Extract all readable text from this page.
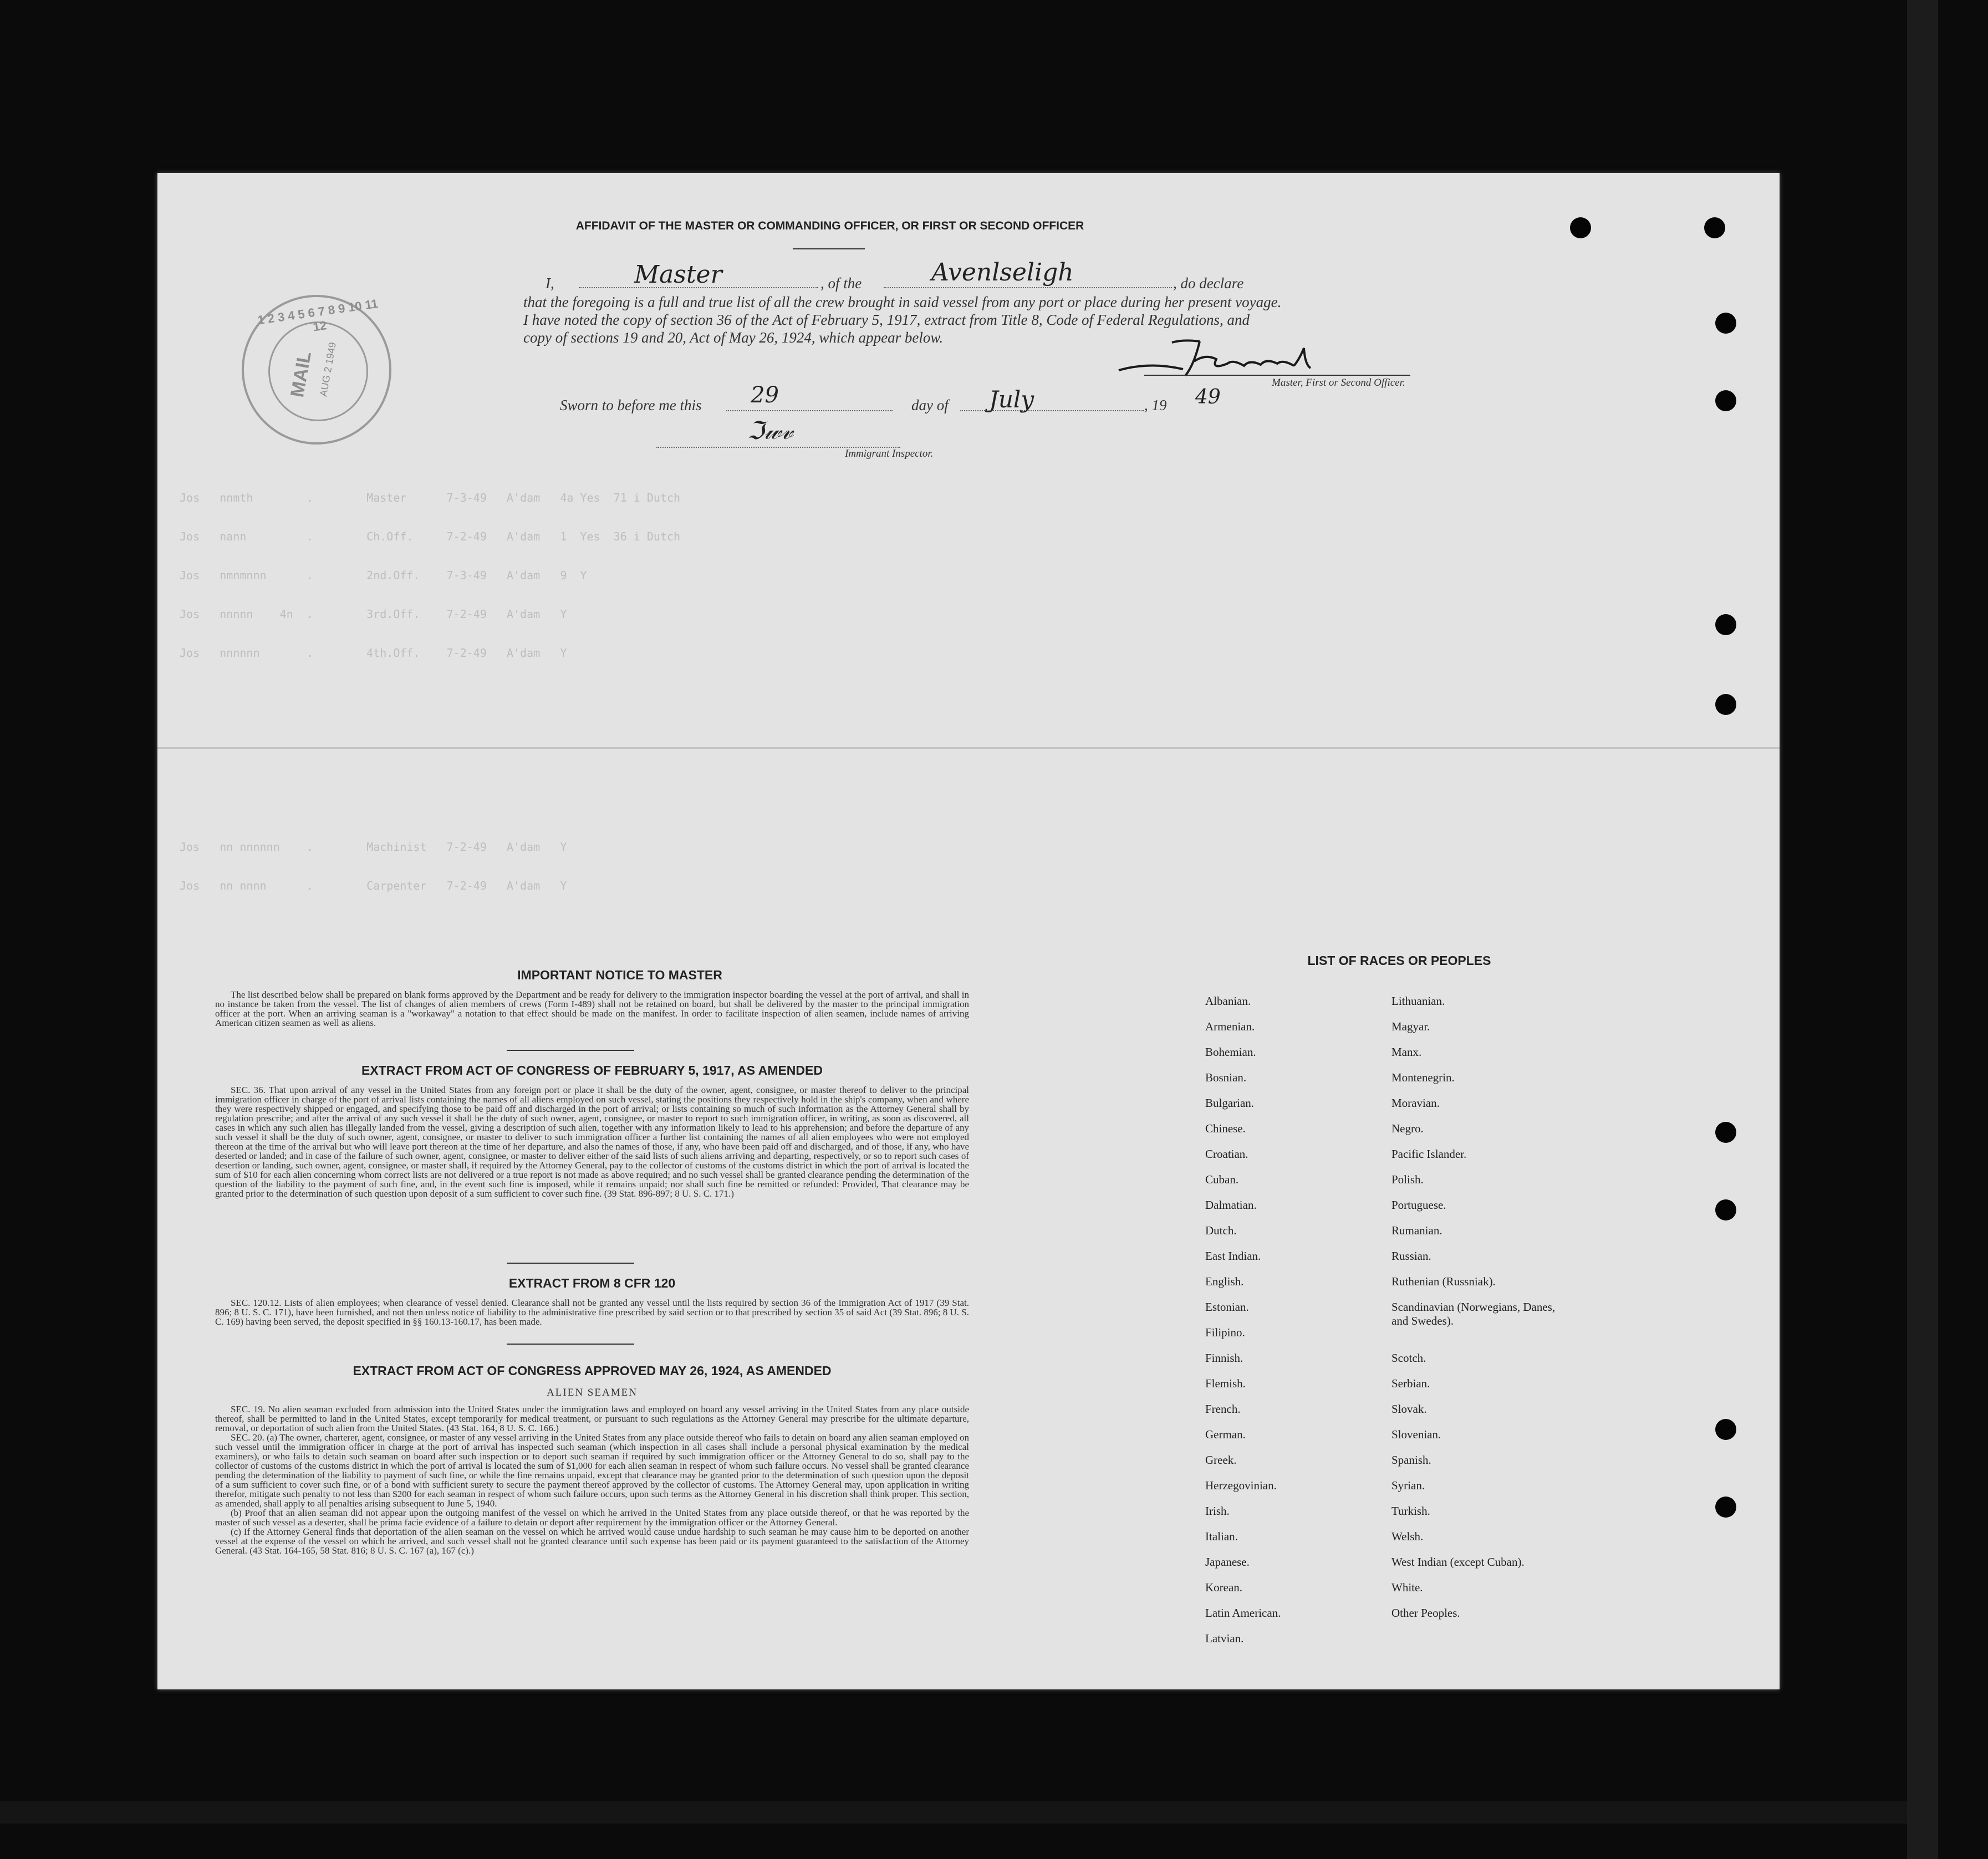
Jos   nnmth        .        Master      7-3-49   A'dam   4a Yes  71 i Dutch

Jos   nann         .        Ch.Off.     7-2-49   A'dam   1  Yes  36 i Dutch

Jos   nmnmnnn      .        2nd.Off.    7-3-49   A'dam   9  Y

Jos   nnnnn    4n  .        3rd.Off.    7-2-49   A'dam   Y

Jos   nnnnnn       .        4th.Off.    7-2-49   A'dam   Y

Jos   nn nnnnnn    .        Machinist   7-2-49   A'dam   Y

Jos   nn nnnn      .        Carpenter   7-2-49   A'dam   Y
AFFIDAVIT OF THE MASTER OR COMMANDING OFFICER, OR FIRST OR SECOND OFFICER
I,	Master	, of the	Avenlseligh	, do declare
that the foregoing is a full and true list of all the crew brought in said vessel from any port or place during her present voyage.
I have noted the copy of section 36 of the Act of February 5, 1917, extract from Title 8, Code of Federal Regulations, and
copy of sections 19 and 20, Act of May 26, 1924, which appear below.
Master, First or Second Officer.
Sworn to before me this 29	day of July	, 19 49
ℑ𝓌𝓋
Immigrant Inspector.
1 2 3 4 5 6 7 8 9 10 11 12
MAIL AUG 2 1949
IMPORTANT NOTICE TO MASTER

The list described below shall be prepared on blank forms approved by the Department and be ready for delivery to the immigration inspector boarding the vessel at the port of arrival, and shall in no instance be taken from the vessel. The list of changes of alien members of crews (Form I-489) shall not be retained on board, but shall be delivered by the master to the principal immigration officer at the port. When an arriving seaman is a "workaway" a notation to that effect should be made on the manifest. In order to facilitate inspection of alien seamen, include names of arriving American citizen seamen as well as aliens.

EXTRACT FROM ACT OF CONGRESS OF FEBRUARY 5, 1917, AS AMENDED

SEC. 36. That upon arrival of any vessel in the United States from any foreign port or place it shall be the duty of the owner, agent, consignee, or master thereof to deliver to the principal immigration officer in charge of the port of arrival lists containing the names of all aliens employed on such vessel, stating the positions they respectively hold in the ship's company, when and where they were respectively shipped or engaged, and specifying those to be paid off and discharged in the port of arrival; or lists containing so much of such information as the Attorney General shall by regulation prescribe; and after the arrival of any such vessel it shall be the duty of such owner, agent, consignee, or master to report to such immigration officer, in writing, as soon as discovered, all cases in which any such alien has illegally landed from the vessel, giving a description of such alien, together with any information likely to lead to his apprehension; and before the departure of any such vessel it shall be the duty of such owner, agent, consignee, or master to deliver to such immigration officer a further list containing the names of all alien employees who were not employed thereon at the time of the arrival but who will leave port thereon at the time of her departure, and also the names of those, if any, who have been paid off and discharged, and of those, if any, who have deserted or landed; and in case of the failure of such owner, agent, consignee, or master to deliver either of the said lists of such aliens arriving and departing, respectively, or so to report such cases of desertion or landing, such owner, agent, consignee, or master shall, if required by the Attorney General, pay to the collector of customs of the customs district in which the port of arrival is located the sum of $10 for each alien concerning whom correct lists are not delivered or a true report is not made as above required; and no such vessel shall be granted clearance pending the determination of the question of the liability to the payment of such fine, and, in the event such fine is imposed, while it remains unpaid; nor shall such fine be remitted or refunded: Provided, That clearance may be granted prior to the determination of such question upon deposit of a sum sufficient to cover such fine. (39 Stat. 896-897; 8 U. S. C. 171.)

EXTRACT FROM 8 CFR 120

SEC. 120.12. Lists of alien employees; when clearance of vessel denied. Clearance shall not be granted any vessel until the lists required by section 36 of the Immigration Act of 1917 (39 Stat. 896; 8 U. S. C. 171), have been furnished, and not then unless notice of liability to the administrative fine prescribed by said section or to that prescribed by section 35 of said Act (39 Stat. 896; 8 U. S. C. 169) having been served, the deposit specified in §§ 160.13-160.17, has been made.

EXTRACT FROM ACT OF CONGRESS APPROVED MAY 26, 1924, AS AMENDED
ALIEN SEAMEN

SEC. 19. No alien seaman excluded from admission into the United States under the immigration laws and employed on board any vessel arriving in the United States from any place outside thereof, shall be permitted to land in the United States, except temporarily for medical treatment, or pursuant to such regulations as the Attorney General may prescribe for the ultimate departure, removal, or deportation of such alien from the United States. (43 Stat. 164, 8 U. S. C. 166.)

SEC. 20. (a) The owner, charterer, agent, consignee, or master of any vessel arriving in the United States from any place outside thereof who fails to detain on board any alien seaman employed on such vessel until the immigration officer in charge at the port of arrival has inspected such seaman (which inspection in all cases shall include a personal physical examination by the medical examiners), or who fails to detain such seaman on board after such inspection or to deport such seaman if required by such immigration officer or the Attorney General to do so, shall pay to the collector of customs of the customs district in which the port of arrival is located the sum of $1,000 for each alien seaman in respect of whom such failure occurs. No vessel shall be granted clearance pending the determination of the liability to payment of such fine, or while the fine remains unpaid, except that clearance may be granted prior to the determination of such question upon the deposit of a sum sufficient to cover such fine, or of a bond with sufficient surety to secure the payment thereof approved by the collector of customs. The Attorney General may, upon application in writing therefor, mitigate such penalty to not less than $200 for each seaman in respect of whom such failure occurs, upon such terms as the Attorney General in his discretion shall think proper. This section, as amended, shall apply to all penalties arising subsequent to June 5, 1940.

(b) Proof that an alien seaman did not appear upon the outgoing manifest of the vessel on which he arrived in the United States from any place outside thereof, or that he was reported by the master of such vessel as a deserter, shall be prima facie evidence of a failure to detain or deport after requirement by the immigration officer or the Attorney General.

(c) If the Attorney General finds that deportation of the alien seaman on the vessel on which he arrived would cause undue hardship to such seaman he may cause him to be deported on another vessel at the expense of the vessel on which he arrived, and such vessel shall not be granted clearance until such expense has been paid or its payment guaranteed to the satisfaction of the Attorney General. (43 Stat. 164-165, 58 Stat. 816; 8 U. S. C. 167 (a), 167 (c).)

LIST OF RACES OR PEOPLES
Albanian.
Armenian.
Bohemian.
Bosnian.
Bulgarian.
Chinese.
Croatian.
Cuban.
Dalmatian.
Dutch.
East Indian.
English.
Estonian.
Filipino.
Finnish.
Flemish.
French.
German.
Greek.
Herzegovinian.
Irish.
Italian.
Japanese.
Korean.
Latin American.
Latvian.
Lithuanian.
Magyar.
Manx.
Montenegrin.
Moravian.
Negro.
Pacific Islander.
Polish.
Portuguese.
Rumanian.
Russian.
Ruthenian (Russniak).
Scandinavian (Norwegians, Danes, and Swedes).
Scotch.
Serbian.
Slovak.
Slovenian.
Spanish.
Syrian.
Turkish.
Welsh.
West Indian (except Cuban).
White.
Other Peoples.
